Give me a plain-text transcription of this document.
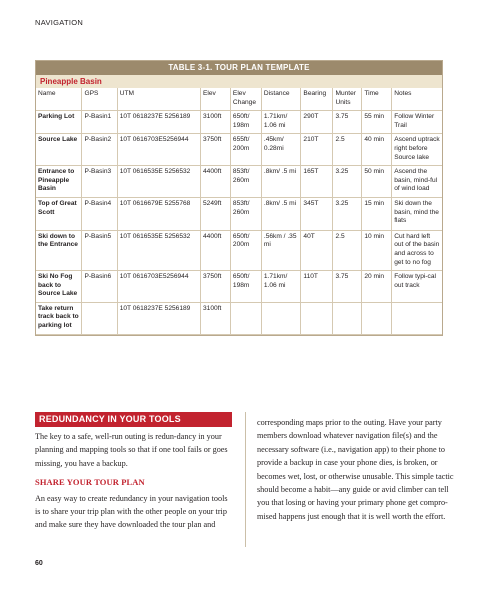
NAVIGATION
TABLE 3-1. TOUR PLAN TEMPLATE
Pineapple Basin
Name	GPS	UTM	Elev	Elev Change	Distance	Bearing	Munter Units	Time	Notes
Parking Lot	P-Basin1	10T 0618237E 5256189	3100ft	650ft/ 198m	1.71km/ 1.06 mi	290T	3.75	55 min	Follow Winter Trail
Source Lake	P-Basin2	10T 0616703E5256944	3750ft	655ft/ 200m	.45km/ 0.28mi	210T	2.5	40 min	Ascend uptrack right before Source lake
Entrance to Pineapple Basin	P-Basin3	10T 0616535E 5256532	4400ft	853ft/ 260m	.8km/ .5 mi	165T	3.25	50 min	Ascend the basin, mind-ful of wind load
Top of Great Scott	P-Basin4	10T 0616679E 5255768	5249ft	853ft/ 260m	.8km/ .5 mi	345T	3.25	15 min	Ski down the basin, mind the flats
Ski down to the Entrance	P-Basin5	10T 0616535E 5256532	4400ft	650ft/ 200m	.56km / .35 mi	40T	2.5	10 min	Cut hard left out of the basin and across to get to no fog
Ski No Fog back to Source Lake	P-Basin6	10T 0616703E5256944	3750ft	650ft/ 198m	1.71km/ 1.06 mi	110T	3.75	20 min	Follow typi-cal out track
Take return track back to parking lot		10T 0618237E 5256189	3100ft						
REDUNDANCY IN YOUR TOOLS

The key to a safe, well-run outing is redun-dancy in your planning and mapping tools so that if one tool fails or goes missing, you have a backup.

SHARE YOUR TOUR PLAN

An easy way to create redundancy in your navigation tools is to share your trip plan with the other people on your trip and make sure they have downloaded the tour plan and

corresponding maps prior to the outing. Have your party members download whatever navigation file(s) and the necessary software (i.e., navigation app) to their phone to provide a backup in case your phone dies, is broken, or becomes wet, lost, or otherwise unusable. This simple tactic should become a habit—any guide or avid climber can tell you that losing or having your primary phone get compro-mised happens just enough that it is well worth the effort.

60
